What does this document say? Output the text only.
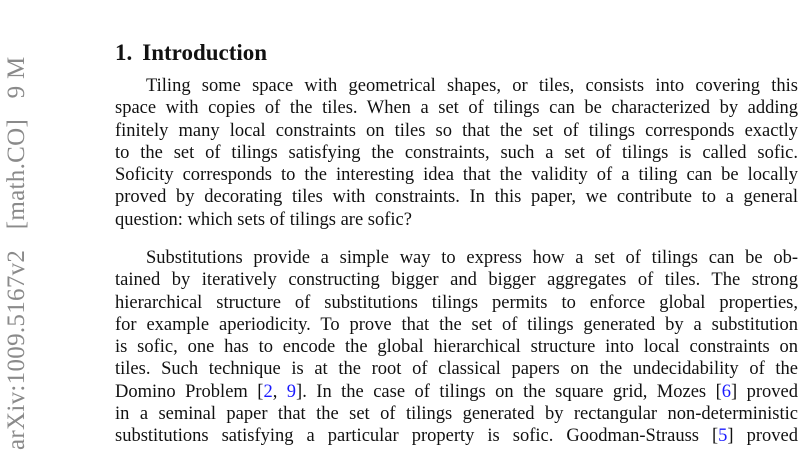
arXiv:1009.5167v2 [math.CO] 9 M
1. Introduction
Tiling some space with geometrical shapes, or tiles, consists into covering this
space with copies of the tiles. When a set of tilings can be characterized by adding
finitely many local constraints on tiles so that the set of tilings corresponds exactly
to the set of tilings satisfying the constraints, such a set of tilings is called sofic.
Soficity corresponds to the interesting idea that the validity of a tiling can be locally
proved by decorating tiles with constraints. In this paper, we contribute to a general
question: which sets of tilings are sofic?
Substitutions provide a simple way to express how a set of tilings can be ob-
tained by iteratively constructing bigger and bigger aggregates of tiles. The strong
hierarchical structure of substitutions tilings permits to enforce global properties,
for example aperiodicity. To prove that the set of tilings generated by a substitution
is sofic, one has to encode the global hierarchical structure into local constraints on
tiles. Such technique is at the root of classical papers on the undecidability of the
Domino Problem [2, 9]. In the case of tilings on the square grid, Mozes [6] proved
in a seminal paper that the set of tilings generated by rectangular non-deterministic
substitutions satisfying a particular property is sofic. Goodman-Strauss [5] proved
